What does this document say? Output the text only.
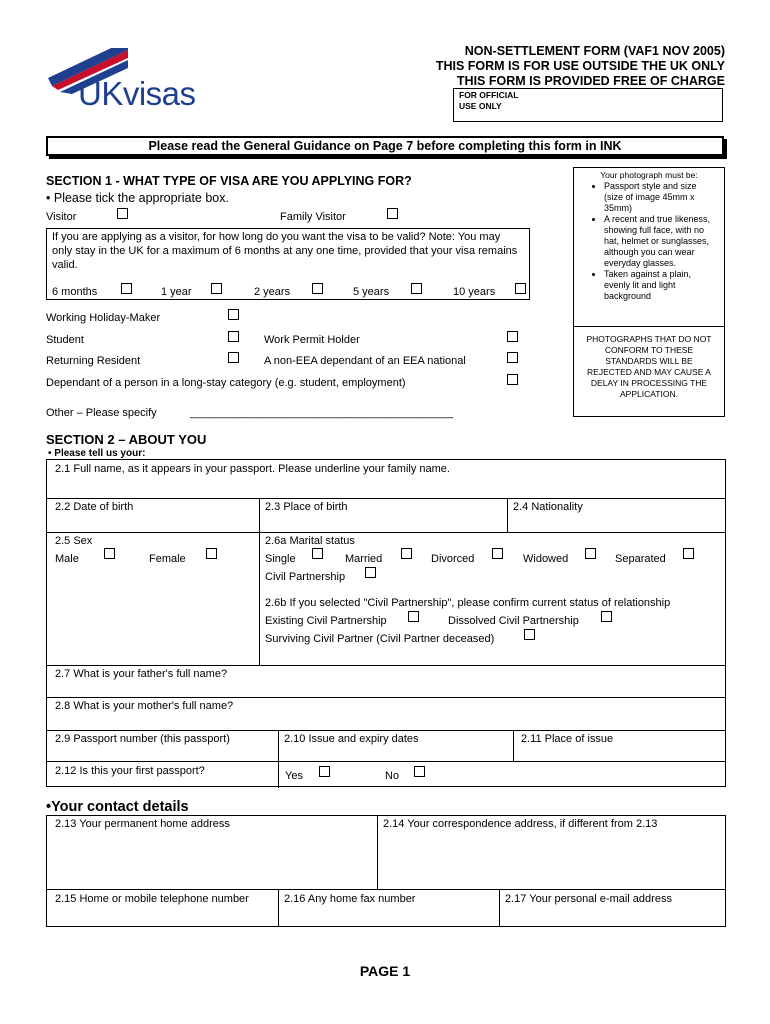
UKvisas
NON-SETTLEMENT FORM (VAF1 NOV 2005)
THIS FORM IS FOR USE OUTSIDE THE UK ONLY
THIS FORM IS PROVIDED FREE OF CHARGE
FOR OFFICIAL
USE ONLY
Please read the General Guidance on Page 7 before completing this form in INK
Your photograph must be:
• Passport style and size (size of image 45mm x 35mm)
• A recent and true likeness, showing full face, with no hat, helmet or sunglasses, although you can wear everyday glasses.
• Taken against a plain, evenly lit and light background
PHOTOGRAPHS THAT DO NOT CONFORM TO THESE STANDARDS WILL BE REJECTED AND MAY CAUSE A DELAY IN PROCESSING THE APPLICATION.
SECTION 1 - WHAT TYPE OF VISA ARE YOU APPLYING FOR?
• Please tick the appropriate box.
Visitor	Family Visitor
If you are applying as a visitor, for how long do you want the visa to be valid? Note: You may only stay in the UK for a maximum of 6 months at any one time, provided that your visa remains valid.
6 months	1 year	2 years	5 years	10 years
Working Holiday-Maker
Student	Work Permit Holder
Returning Resident	A non-EEA dependant of an EEA national
Dependant of a person in a long-stay category (e.g. student, employment)
Other – Please specify	___________________________________________
SECTION 2 – ABOUT YOU
• Please tell us your:
2.1 Full name, as it appears in your passport. Please underline your family name.
2.2 Date of birth	2.3 Place of birth	2.4 Nationality
2.5 Sex
Male	Female
2.6a Marital status
Single	Married	Divorced	Widowed	Separated
Civil Partnership
2.6b If you selected "Civil Partnership", please confirm current status of relationship
Existing Civil Partnership	Dissolved Civil Partnership
Surviving Civil Partner (Civil Partner deceased)
2.7 What is your father's full name?
2.8 What is your mother's full name?
2.9 Passport number (this passport)	2.10 Issue and expiry dates	2.11 Place of issue
2.12 Is this your first passport?	Yes	No
•Your contact details
2.13 Your permanent home address	2.14 Your correspondence address, if different from 2.13
2.15 Home or mobile telephone number	2.16 Any home fax number	2.17 Your personal e-mail address
PAGE 1
